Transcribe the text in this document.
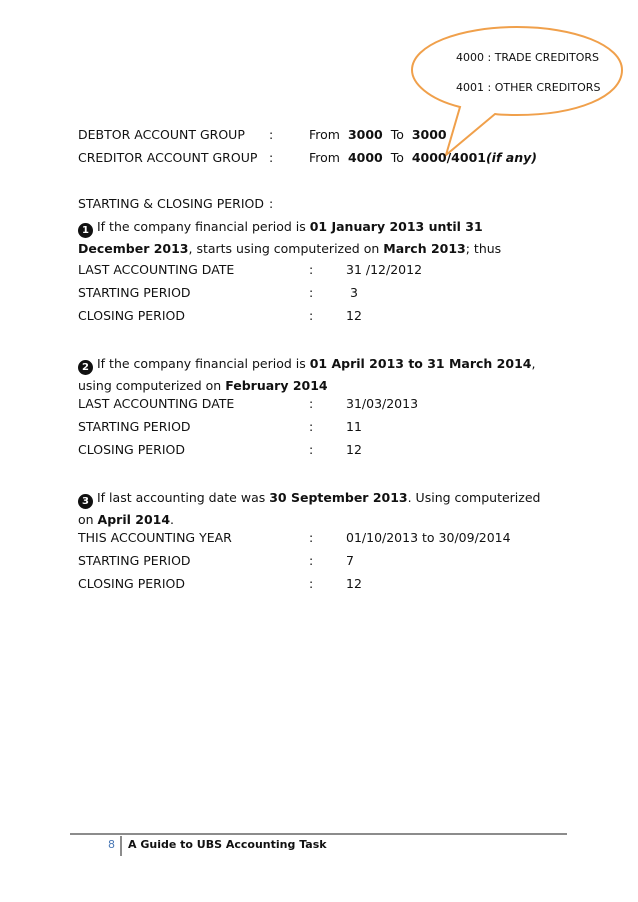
4000 : TRADE CREDITORS
4001 : OTHER CREDITORS
DEBTOR ACCOUNT GROUP :	From 3000 To 3000
CREDITOR ACCOUNT GROUP :	From 4000 To 4000/4001(if any)
STARTING & CLOSING PERIOD :
1 If the company financial period is 01 January 2013 until 31 December 2013, starts using computerized on March 2013; thus
LAST ACCOUNTING DATE	:	31 /12/2012
STARTING PERIOD	:	3
CLOSING PERIOD	:	12
2 If the company financial period is 01 April 2013 to 31 March 2014, using computerized on February 2014
LAST ACCOUNTING DATE	:	31/03/2013
STARTING PERIOD	:	11
CLOSING PERIOD	:	12
3 If last accounting date was 30 September 2013. Using computerized on April 2014.
THIS ACCOUNTING YEAR	:	01/10/2013 to 30/09/2014
STARTING PERIOD	:	7
CLOSING PERIOD	:	12
8 A Guide to UBS Accounting Task
